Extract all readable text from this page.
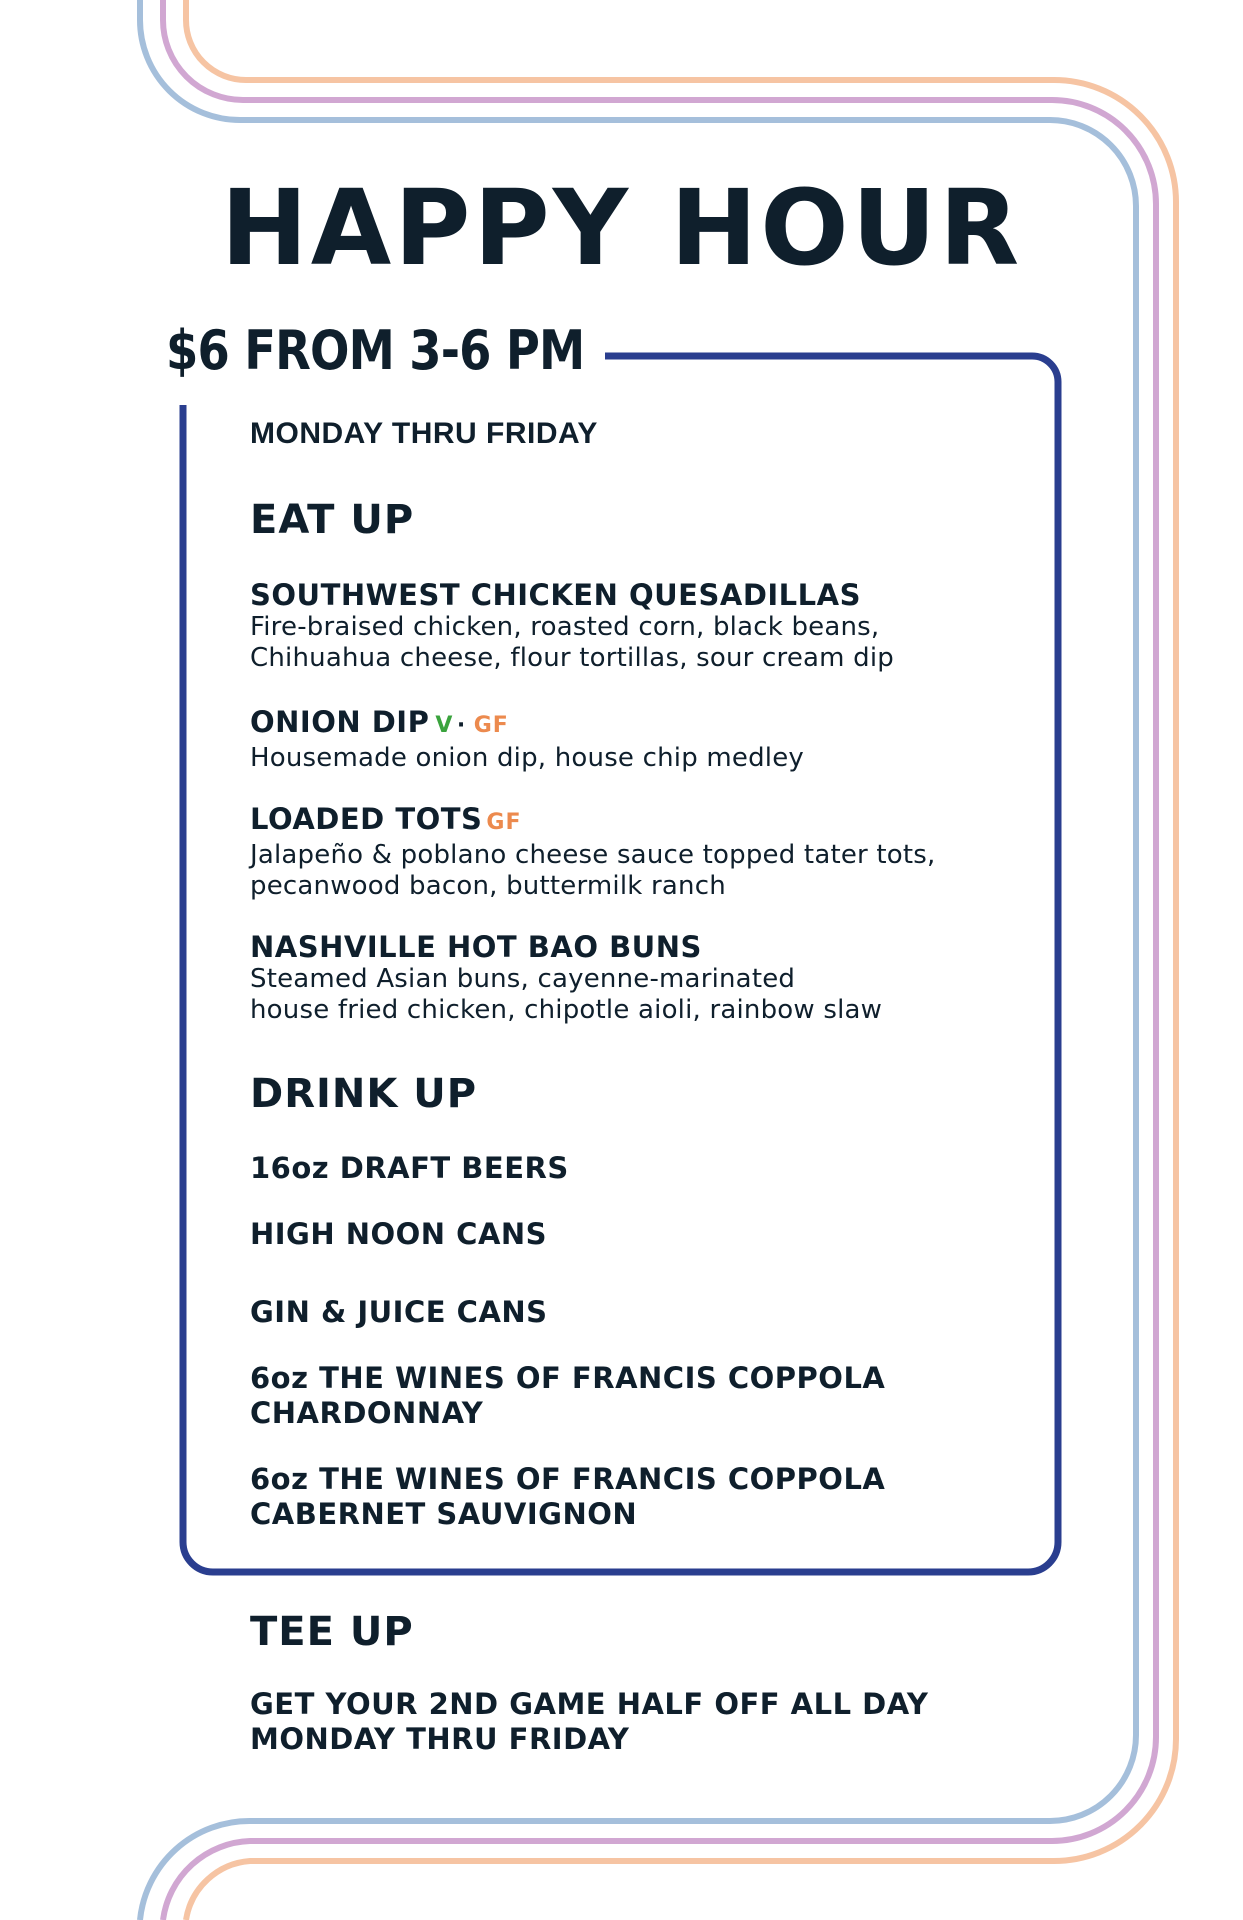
HAPPY HOUR
$6 FROM 3-6 PM
MONDAY THRU FRIDAY
EAT UP
SOUTHWEST CHICKEN QUESADILLAS
Fire-braised chicken, roasted corn, black beans,
Chihuahua cheese, flour tortillas, sour cream dip
ONION DIP V · GF
Housemade onion dip, house chip medley
LOADED TOTS GF
Jalapeño & poblano cheese sauce topped tater tots,
pecanwood bacon, buttermilk ranch
NASHVILLE HOT BAO BUNS
Steamed Asian buns, cayenne-marinated
house fried chicken, chipotle aioli, rainbow slaw
DRINK UP
16oz DRAFT BEERS
HIGH NOON CANS
GIN & JUICE CANS
6oz THE WINES OF FRANCIS COPPOLA
CHARDONNAY
6oz THE WINES OF FRANCIS COPPOLA
CABERNET SAUVIGNON
TEE UP
GET YOUR 2ND GAME HALF OFF ALL DAY
MONDAY THRU FRIDAY
